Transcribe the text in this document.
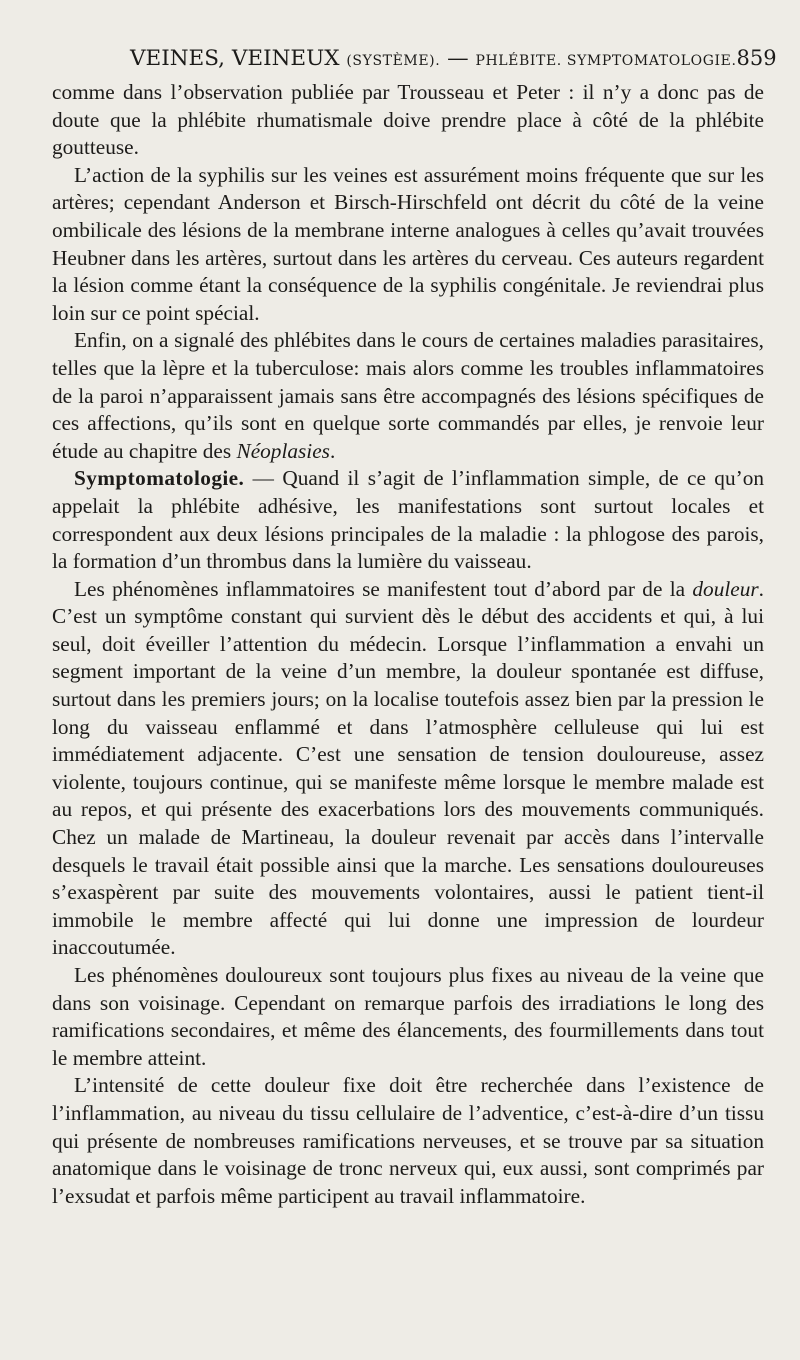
VEINES, VEINEUX (SYSTÈME). — PHLÉBITE. SYMPTOMATOLOGIE. 859

comme dans l’observation publiée par Trousseau et Peter : il n’y a donc pas de doute que la phlébite rhumatismale doive prendre place à côté de la phlébite goutteuse.

L’action de la syphilis sur les veines est assurément moins fréquente que sur les artères; cependant Anderson et Birsch-Hirschfeld ont décrit du côté de la veine ombilicale des lésions de la membrane interne analogues à celles qu’avait trouvées Heubner dans les artères, surtout dans les artères du cerveau. Ces auteurs regardent la lésion comme étant la conséquence de la syphilis congénitale. Je reviendrai plus loin sur ce point spécial.

Enfin, on a signalé des phlébites dans le cours de certaines maladies parasitaires, telles que la lèpre et la tuberculose: mais alors comme les troubles inflammatoires de la paroi n’apparaissent jamais sans être accompagnés des lésions spécifiques de ces affections, qu’ils sont en quelque sorte commandés par elles, je renvoie leur étude au chapitre des Néoplasies.

Symptomatologie. — Quand il s’agit de l’inflammation simple, de ce qu’on appelait la phlébite adhésive, les manifestations sont surtout locales et correspondent aux deux lésions principales de la maladie : la phlogose des parois, la formation d’un thrombus dans la lumière du vaisseau.

Les phénomènes inflammatoires se manifestent tout d’abord par de la douleur. C’est un symptôme constant qui survient dès le début des accidents et qui, à lui seul, doit éveiller l’attention du médecin. Lorsque l’inflammation a envahi un segment important de la veine d’un membre, la douleur spontanée est diffuse, surtout dans les premiers jours; on la localise toutefois assez bien par la pression le long du vaisseau enflammé et dans l’atmosphère celluleuse qui lui est immédiatement adjacente. C’est une sensation de tension douloureuse, assez violente, toujours continue, qui se manifeste même lorsque le membre malade est au repos, et qui présente des exacerbations lors des mouvements communiqués. Chez un malade de Martineau, la douleur revenait par accès dans l’intervalle desquels le travail était possible ainsi que la marche. Les sensations douloureuses s’exaspèrent par suite des mouvements volontaires, aussi le patient tient-il immobile le membre affecté qui lui donne une impression de lourdeur inaccoutumée.

Les phénomènes douloureux sont toujours plus fixes au niveau de la veine que dans son voisinage. Cependant on remarque parfois des irradiations le long des ramifications secondaires, et même des élancements, des fourmillements dans tout le membre atteint.

L’intensité de cette douleur fixe doit être recherchée dans l’existence de l’inflammation, au niveau du tissu cellulaire de l’adventice, c’est-à-dire d’un tissu qui présente de nombreuses ramifications nerveuses, et se trouve par sa situation anatomique dans le voisinage de tronc nerveux qui, eux aussi, sont comprimés par l’exsudat et parfois même participent au travail inflammatoire.
